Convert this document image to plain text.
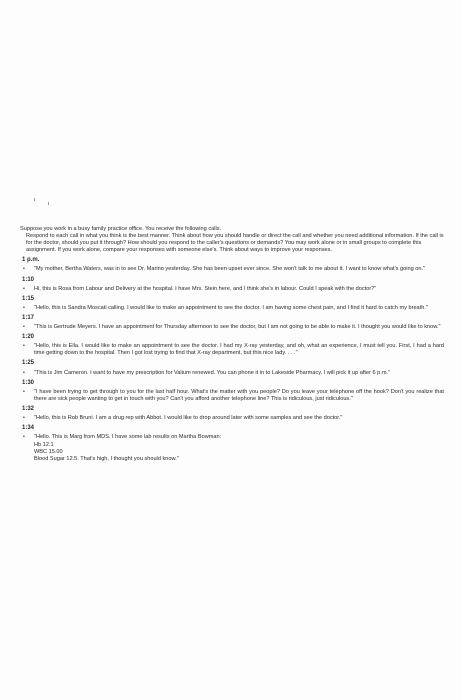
Suppose you work in a busy family practice office. You receive the following calls.
Respond to each call in what you think is the best manner. Think about how you should handle or direct the call and whether you need additional information. If the call is for the doctor, should you put it through? How should you respond to the caller's questions or demands? You may work alone or in small groups to complete this assignment. If you work alone, compare your responses with someone else's. Think about ways to improve your responses.

1 p.m.

▪ "My mother, Bertha Waters, was in to see Dr. Marino yesterday. She has been upset ever since. She won't talk to me about it. I want to know what's going on."

1:10

▪ Hi, this is Rosa from Labour and Delivery at the hospital. I have Mrs. Stein here, and I think she's in labour. Could I speak with the doctor?"

1:15

▪ "Hello, this is Sandra Moscati calling. I would like to make an appointment to see the doctor. I am having some chest pain, and I find it hard to catch my breath."

1:17

▪ "This is Gertrude Meyers. I have an appointment for Thursday afternoon to see the doctor, but I am not going to be able to make it. I thought you would like to know."

1:20

▪ "Hello, this is Ella. I would like to make an appointment to see the doctor. I had my X-ray yesterday, and oh, what an experience, I must tell you. First, I had a hard time getting down to the hospital. Then I got lost trying to find that X-ray department, but this nice lady. . . ."

1:25

▪ "This is Jim Cameron. I want to have my prescription for Valium renewed. You can phone it in to Lakeside Pharmacy. I will pick it up after 6 p.m."

1:30

▪ "I have been trying to get through to you for the last half hour. What's the matter with you people? Do you leave your telephone off the hook? Don't you realize that there are sick people wanting to get in touch with you? Can't you afford another telephone line? This is ridiculous, just ridiculous."

1:32

▪ "Hello, this is Rob Bruni. I am a drug rep with Abbot. I would like to drop around later with some samples and see the doctor."

1:34

▪ "Hello. This is Marg from MDS. I have some lab results on Martha Bowman:

Hb 12.1

WBC 15.00

Blood Sugar 12.5. That's high, I thought you should know."
